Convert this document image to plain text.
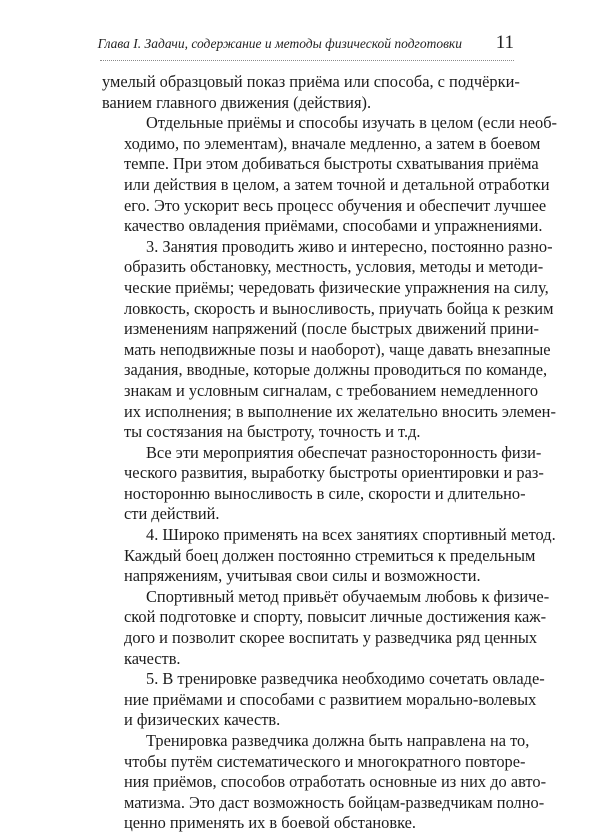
Глава I. Задачи, содержание и методы физической подготовки 11

умелый образцовый показ приёма или способа, с подчёрки-
ванием главного движения (действия).

Отдельные приёмы и способы изучать в целом (если необ-
ходимо, по элементам), вначале медленно, а затем в боевом
темпе. При этом добиваться быстроты схватывания приёма
или действия в целом, а затем точной и детальной отработки
его. Это ускорит весь процесс обучения и обеспечит лучшее
качество овладения приёмами, способами и упражнениями.

3. Занятия проводить живо и интересно, постоянно разно-
образить обстановку, местность, условия, методы и методи-
ческие приёмы; чередовать физические упражнения на силу,
ловкость, скорость и выносливость, приучать бойца к резким
изменениям напряжений (после быстрых движений прини-
мать неподвижные позы и наоборот), чаще давать внезапные
задания, вводные, которые должны проводиться по команде,
знакам и условным сигналам, с требованием немедленного
их исполнения; в выполнение их желательно вносить элемен-
ты состязания на быстроту, точность и т.д.

Все эти мероприятия обеспечат разносторонность физи-
ческого развития, выработку быстроты ориентировки и раз-
носторонню выносливость в силе, скорости и длительно-
сти действий.

4. Широко применять на всех занятиях спортивный метод.
Каждый боец должен постоянно стремиться к предельным
напряжениям, учитывая свои силы и возможности.

Спортивный метод привьёт обучаемым любовь к физиче-
ской подготовке и спорту, повысит личные достижения каж-
дого и позволит скорее воспитать у разведчика ряд ценных
качеств.

5. В тренировке разведчика необходимо сочетать овладе-
ние приёмами и способами с развитием морально-волевых
и физических качеств.

Тренировка разведчика должна быть направлена на то,
чтобы путём систематического и многократного повторе-
ния приёмов, способов отработать основные из них до авто-
матизма. Это даст возможность бойцам-разведчикам полно-
ценно применять их в боевой обстановке.
